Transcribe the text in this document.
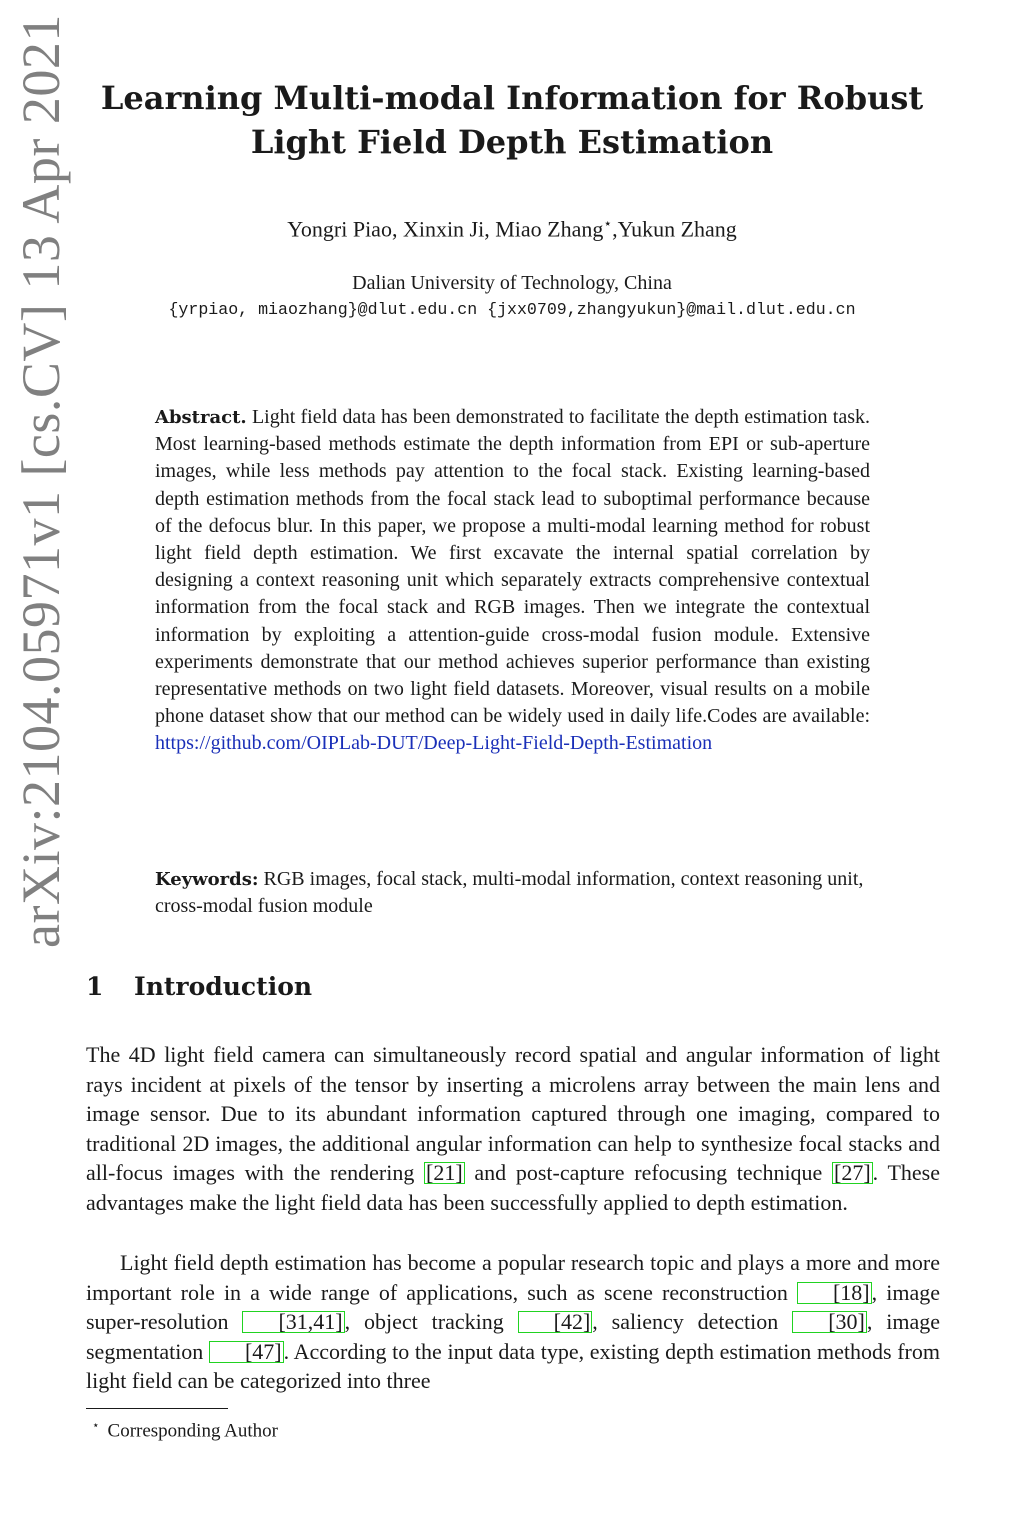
arXiv:2104.05971v1 [cs.CV] 13 Apr 2021 Learning Multi-modal Information for Robust
Light Field Depth Estimation
Yongri Piao, Xinxin Ji, Miao Zhang⋆,Yukun Zhang
Dalian University of Technology, China
{yrpiao, miaozhang}@dlut.edu.cn {jxx0709,zhangyukun}@mail.dlut.edu.cn
Abstract. Light field data has been demonstrated to facilitate the depth estimation task. Most learning-based methods estimate the depth information from EPI or sub-aperture images, while less methods pay attention to the focal stack. Existing learning-based depth estimation methods from the focal stack lead to suboptimal performance because of the defocus blur. In this paper, we propose a multi-modal learning method for robust light field depth estimation. We first excavate the internal spatial correlation by designing a context reasoning unit which separately extracts comprehensive contextual information from the focal stack and RGB images. Then we integrate the contextual information by exploiting a attention-guide cross-modal fusion module. Extensive experiments demonstrate that our method achieves superior performance than existing representative methods on two light field datasets. Moreover, visual results on a mobile phone dataset show that our method can be widely used in daily life.Codes are available: https://github.com/OIPLab-DUT/Deep-Light-Field-Depth-Estimation
Keywords: RGB images, focal stack, multi-modal information, context reasoning unit, cross-modal fusion module
1 Introduction
The 4D light field camera can simultaneously record spatial and angular information of light rays incident at pixels of the tensor by inserting a microlens array between the main lens and image sensor. Due to its abundant information captured through one imaging, compared to traditional 2D images, the additional angular information can help to synthesize focal stacks and all-focus images with the rendering [21] and post-capture refocusing technique [27]. These advantages make the light field data has been successfully applied to depth estimation.
Light field depth estimation has become a popular research topic and plays a more and more important role in a wide range of applications, such as scene reconstruction [18], image super-resolution [31,41], object tracking [42], saliency detection [30], image segmentation [47]. According to the input data type, existing depth estimation methods from light field can be categorized into three
⋆ Corresponding Author
